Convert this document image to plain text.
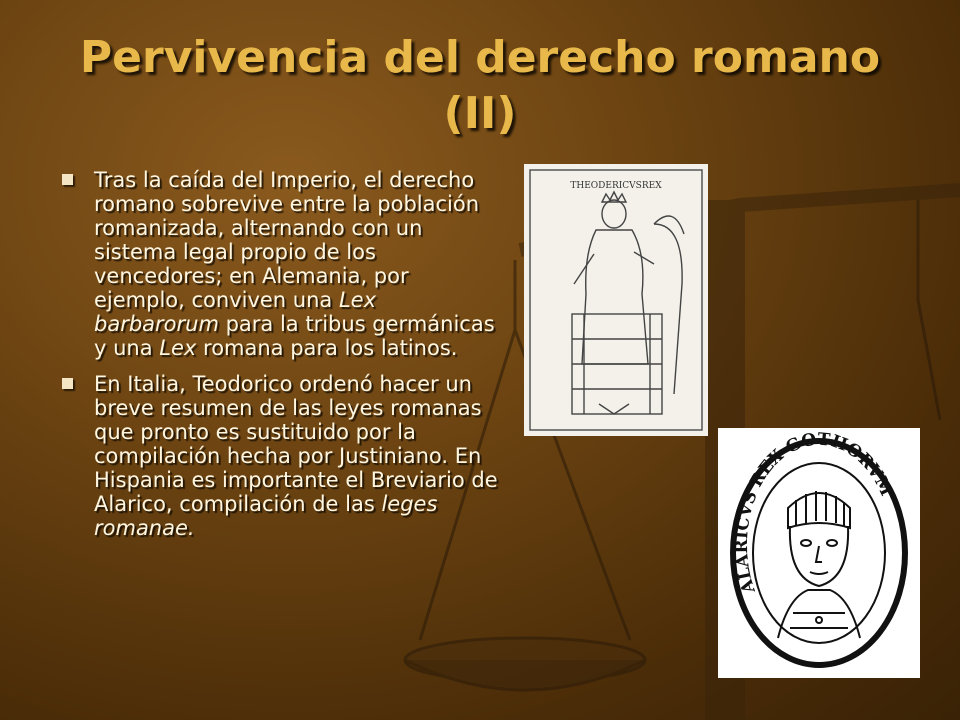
Pervivencia del derecho romano
(II)
Tras la caída del Imperio, el derecho romano sobrevive entre la población romanizada, alternando con un sistema legal propio de los vencedores; en Alemania, por ejemplo, conviven una Lex barbarorum para la tribus germánicas y una Lex romana para los latinos.
En Italia, Teodorico ordenó hacer un breve resumen de las leyes romanas que pronto es sustituido por la compilación hecha por Justiniano. En Hispania es importante el Breviario de Alarico, compilación de las leges romanae.
THEODERICVSREX
ALARICVS REX GOTHORVM
